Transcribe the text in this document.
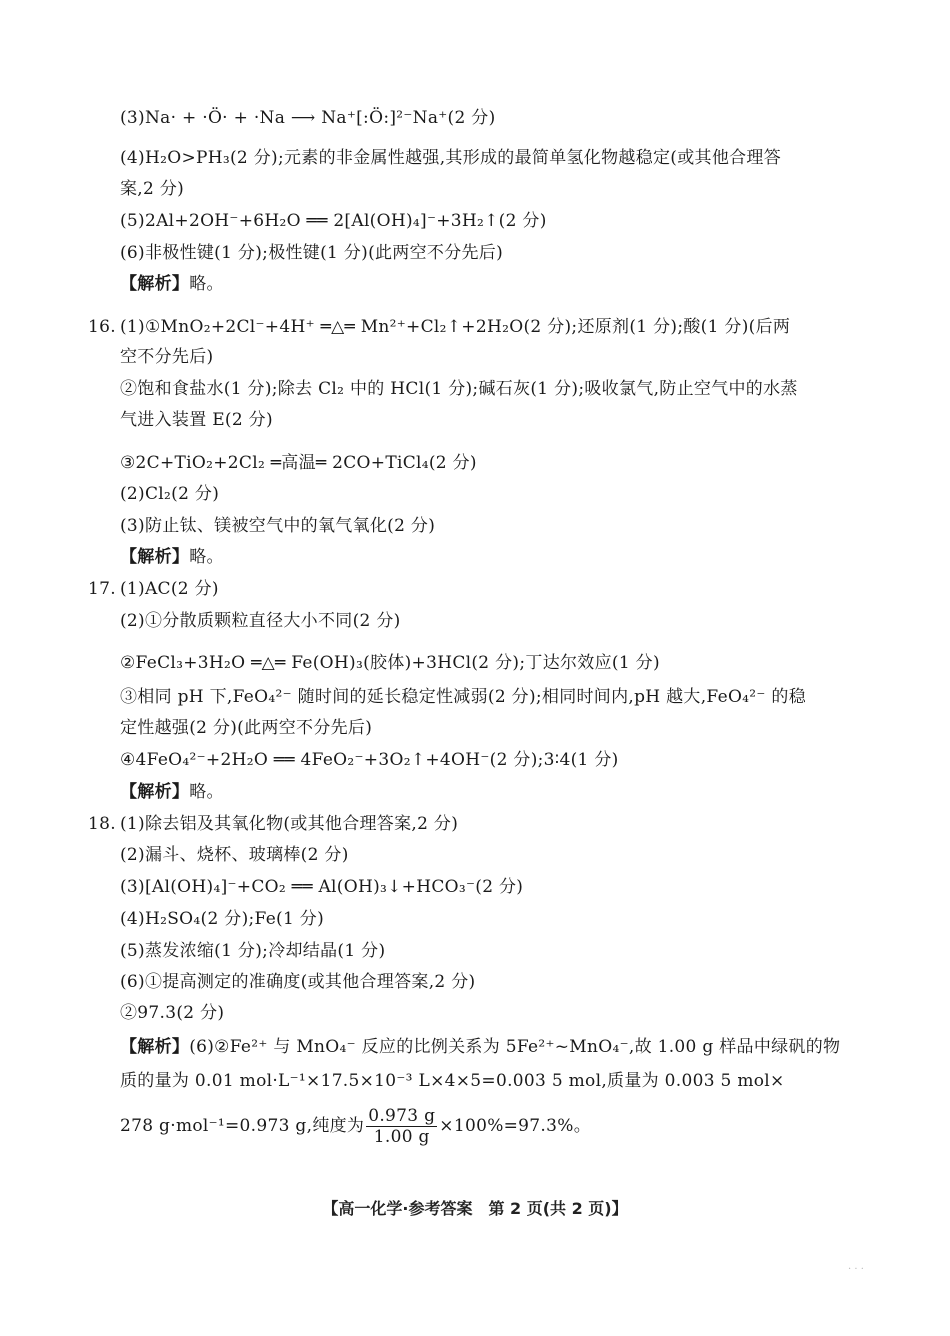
(3)Na· + ·Ö· + ·Na ⟶ Na⁺[:Ö:]²⁻Na⁺(2 分)
(4)H₂O>PH₃(2 分);元素的非金属性越强,其形成的最简单氢化物越稳定(或其他合理答
案,2 分)
(5)2Al+2OH⁻+6H₂O ══ 2[Al(OH)₄]⁻+3H₂↑(2 分)
(6)非极性键(1 分);极性键(1 分)(此两空不分先后)
【解析】略。
16. (1)①MnO₂+2Cl⁻+4H⁺ ═△═ Mn²⁺+Cl₂↑+2H₂O(2 分);还原剂(1 分);酸(1 分)(后两
空不分先后)
②饱和食盐水(1 分);除去 Cl₂ 中的 HCl(1 分);碱石灰(1 分);吸收氯气,防止空气中的水蒸
气进入装置 E(2 分)
③2C+TiO₂+2Cl₂ ═高温═ 2CO+TiCl₄(2 分)
(2)Cl₂(2 分)
(3)防止钛、镁被空气中的氧气氧化(2 分)
【解析】略。
17. (1)AC(2 分)
(2)①分散质颗粒直径大小不同(2 分)
②FeCl₃+3H₂O ═△═ Fe(OH)₃(胶体)+3HCl(2 分);丁达尔效应(1 分)
③相同 pH 下,FeO₄²⁻ 随时间的延长稳定性减弱(2 分);相同时间内,pH 越大,FeO₄²⁻ 的稳
定性越强(2 分)(此两空不分先后)
④4FeO₄²⁻+2H₂O ══ 4FeO₂⁻+3O₂↑+4OH⁻(2 分);3∶4(1 分)
【解析】略。
18. (1)除去铝及其氧化物(或其他合理答案,2 分)
(2)漏斗、烧杯、玻璃棒(2 分)
(3)[Al(OH)₄]⁻+CO₂ ══ Al(OH)₃↓+HCO₃⁻(2 分)
(4)H₂SO₄(2 分);Fe(1 分)
(5)蒸发浓缩(1 分);冷却结晶(1 分)
(6)①提高测定的准确度(或其他合理答案,2 分)
②97.3(2 分)
【解析】(6)②Fe²⁺ 与 MnO₄⁻ 反应的比例关系为 5Fe²⁺~MnO₄⁻,故 1.00 g 样品中绿矾的物
质的量为 0.01 mol·L⁻¹×17.5×10⁻³ L×4×5=0.003 5 mol,质量为 0.003 5 mol×
278 g·mol⁻¹=0.973 g,纯度为 $\frac{0.973 g}{1.00 g} \times 100\%=97.3\%$。
【高一化学·参考答案　第 2 页(共 2 页)】
· · ·
